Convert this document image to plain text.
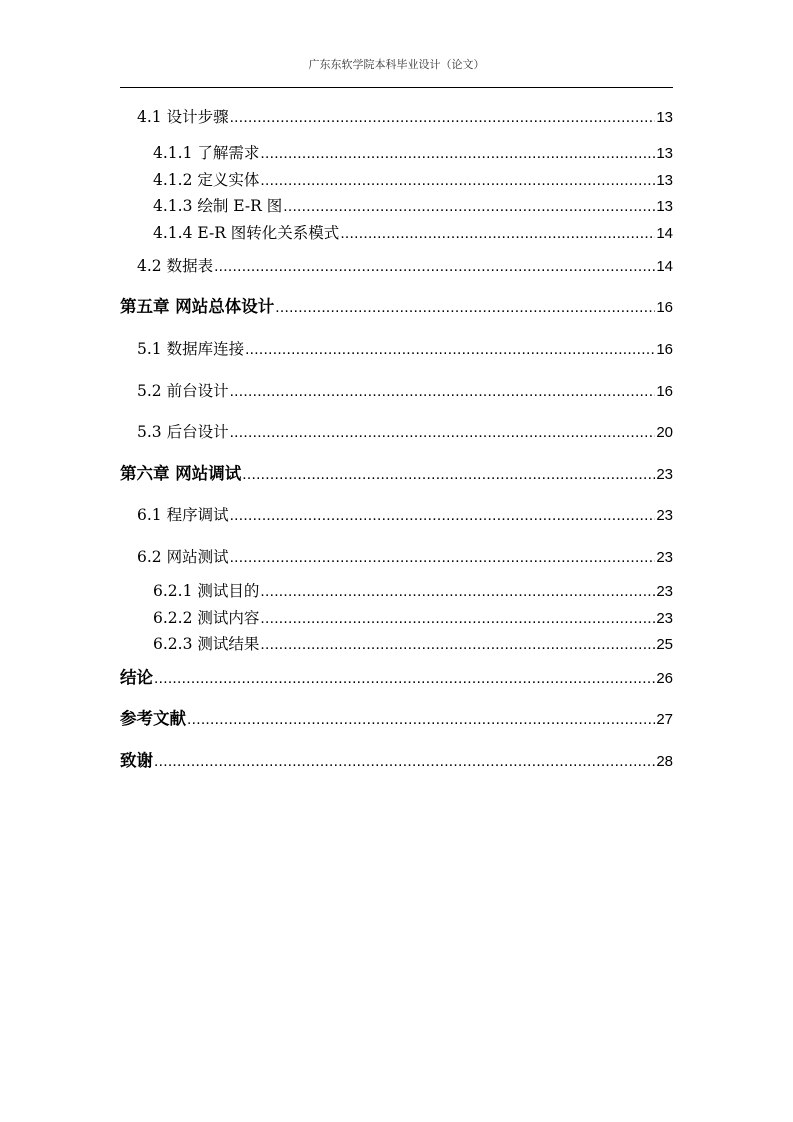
广东东软学院本科毕业设计（论文）
4.1 设计步骤 .....	13
4.1.1 了解需求 .....	13
4.1.2 定义实体 .....	13
4.1.3 绘制 E-R 图 .....	13
4.1.4 E-R 图转化关系模式 .....	14
4.2 数据表 .....	14
第五章 网站总体设计 .....	16
5.1 数据库连接 .....	16
5.2 前台设计 .....	16
5.3 后台设计 .....	20
第六章 网站调试 .....	23
6.1 程序调试 .....	23
6.2 网站测试 .....	23
6.2.1 测试目的 .....	23
6.2.2 测试内容 .....	23
6.2.3 测试结果 .....	25
结论 .....	26
参考文献 .....	27
致谢 .....	28
